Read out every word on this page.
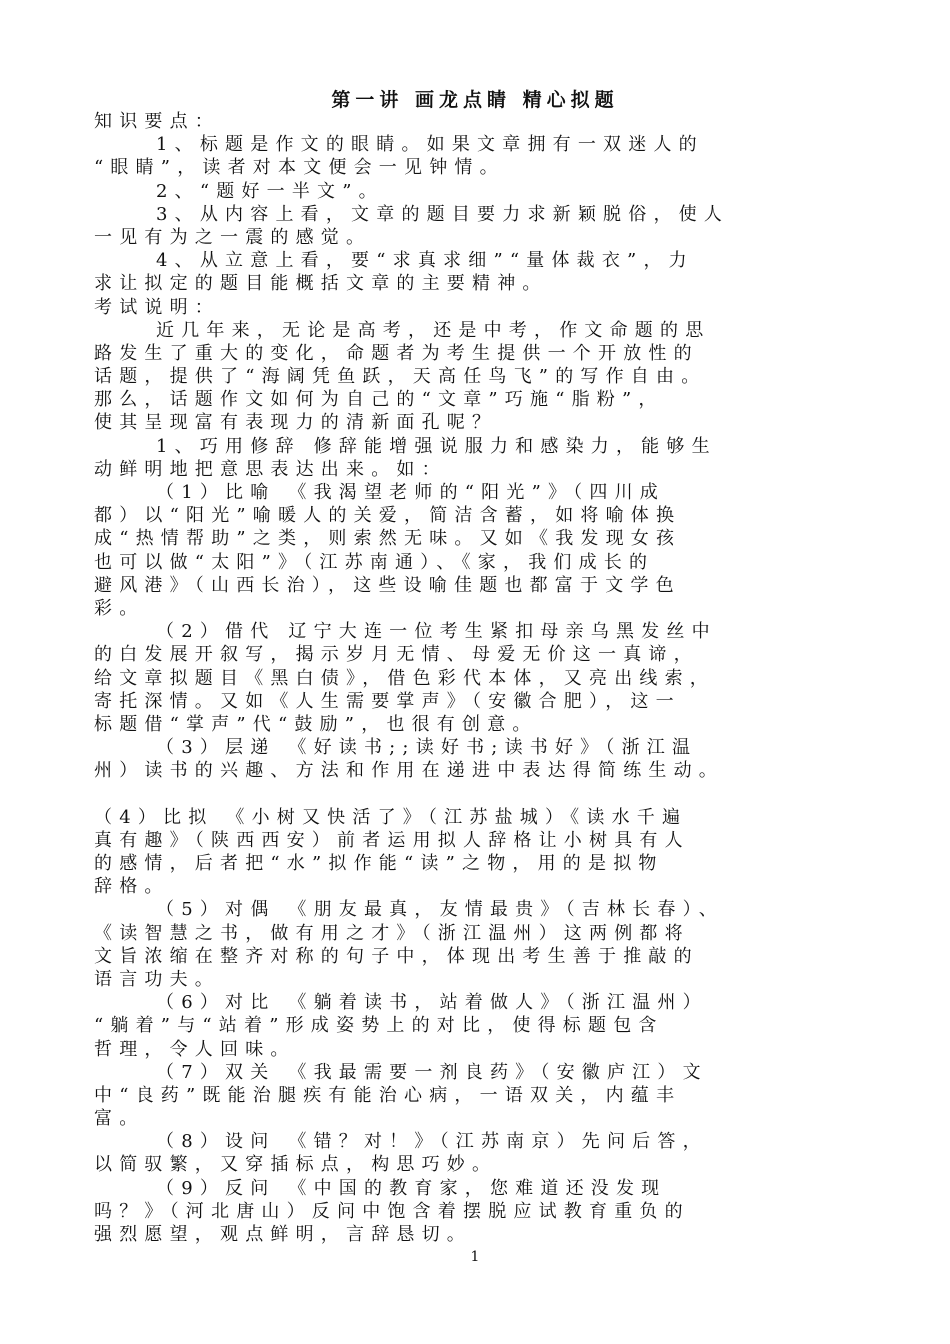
第一讲 画龙点睛 精心拟题
知识要点：
1、标题是作文的眼睛。如果文章拥有一双迷人的
“眼睛”，读者对本文便会一见钟情。
2、“题好一半文”。
3、从内容上看，文章的题目要力求新颖脱俗，使人
一见有为之一震的感觉。
4、从立意上看，要“求真求细”“量体裁衣”，力
求让拟定的题目能概括文章的主要精神。
考试说明：
近几年来，无论是高考，还是中考，作文命题的思
路发生了重大的变化，命题者为考生提供一个开放性的
话题，提供了“海阔凭鱼跃，天高任鸟飞”的写作自由。
那么，话题作文如何为自己的“文章”巧施“脂粉”，
使其呈现富有表现力的清新面孔呢？
1、巧用修辞 修辞能增强说服力和感染力，能够生
动鲜明地把意思表达出来。如：
（1）比喻 《我渴望老师的“阳光”》（四川成
都）以“阳光”喻暖人的关爱，简洁含蓄，如将喻体换
成“热情帮助”之类，则索然无味。又如《我发现女孩
也可以做“太阳”》（江苏南通）、《家，我们成长的
避风港》（山西长治），这些设喻佳题也都富于文学色
彩。
（2）借代 辽宁大连一位考生紧扣母亲乌黑发丝中
的白发展开叙写，揭示岁月无情、母爱无价这一真谛，
给文章拟题目《黑白债》，借色彩代本体，又亮出线索，
寄托深情。又如《人生需要掌声》（安徽合肥），这一
标题借“掌声”代“鼓励”，也很有创意。
（3）层递 《好读书;;读好书;读书好》（浙江温
州）读书的兴趣、方法和作用在递进中表达得简练生动。
（4）比拟 《小树又快活了》（江苏盐城）《读水千遍
真有趣》（陕西西安）前者运用拟人辞格让小树具有人
的感情，后者把“水”拟作能“读”之物，用的是拟物
辞格。
（5）对偶 《朋友最真，友情最贵》（吉林长春）、
《读智慧之书，做有用之才》（浙江温州）这两例都将
文旨浓缩在整齐对称的句子中，体现出考生善于推敲的
语言功夫。
（6）对比 《躺着读书，站着做人》（浙江温州）
“躺着”与“站着”形成姿势上的对比，使得标题包含
哲理，令人回味。
（7）双关 《我最需要一剂良药》（安徽庐江）文
中“良药”既能治腿疾有能治心病，一语双关，内蕴丰
富。
（8）设问 《错？对！》（江苏南京）先问后答，
以简驭繁，又穿插标点，构思巧妙。
（9）反问 《中国的教育家，您难道还没发现
吗？》（河北唐山）反问中饱含着摆脱应试教育重负的
强烈愿望，观点鲜明，言辞恳切。
1
